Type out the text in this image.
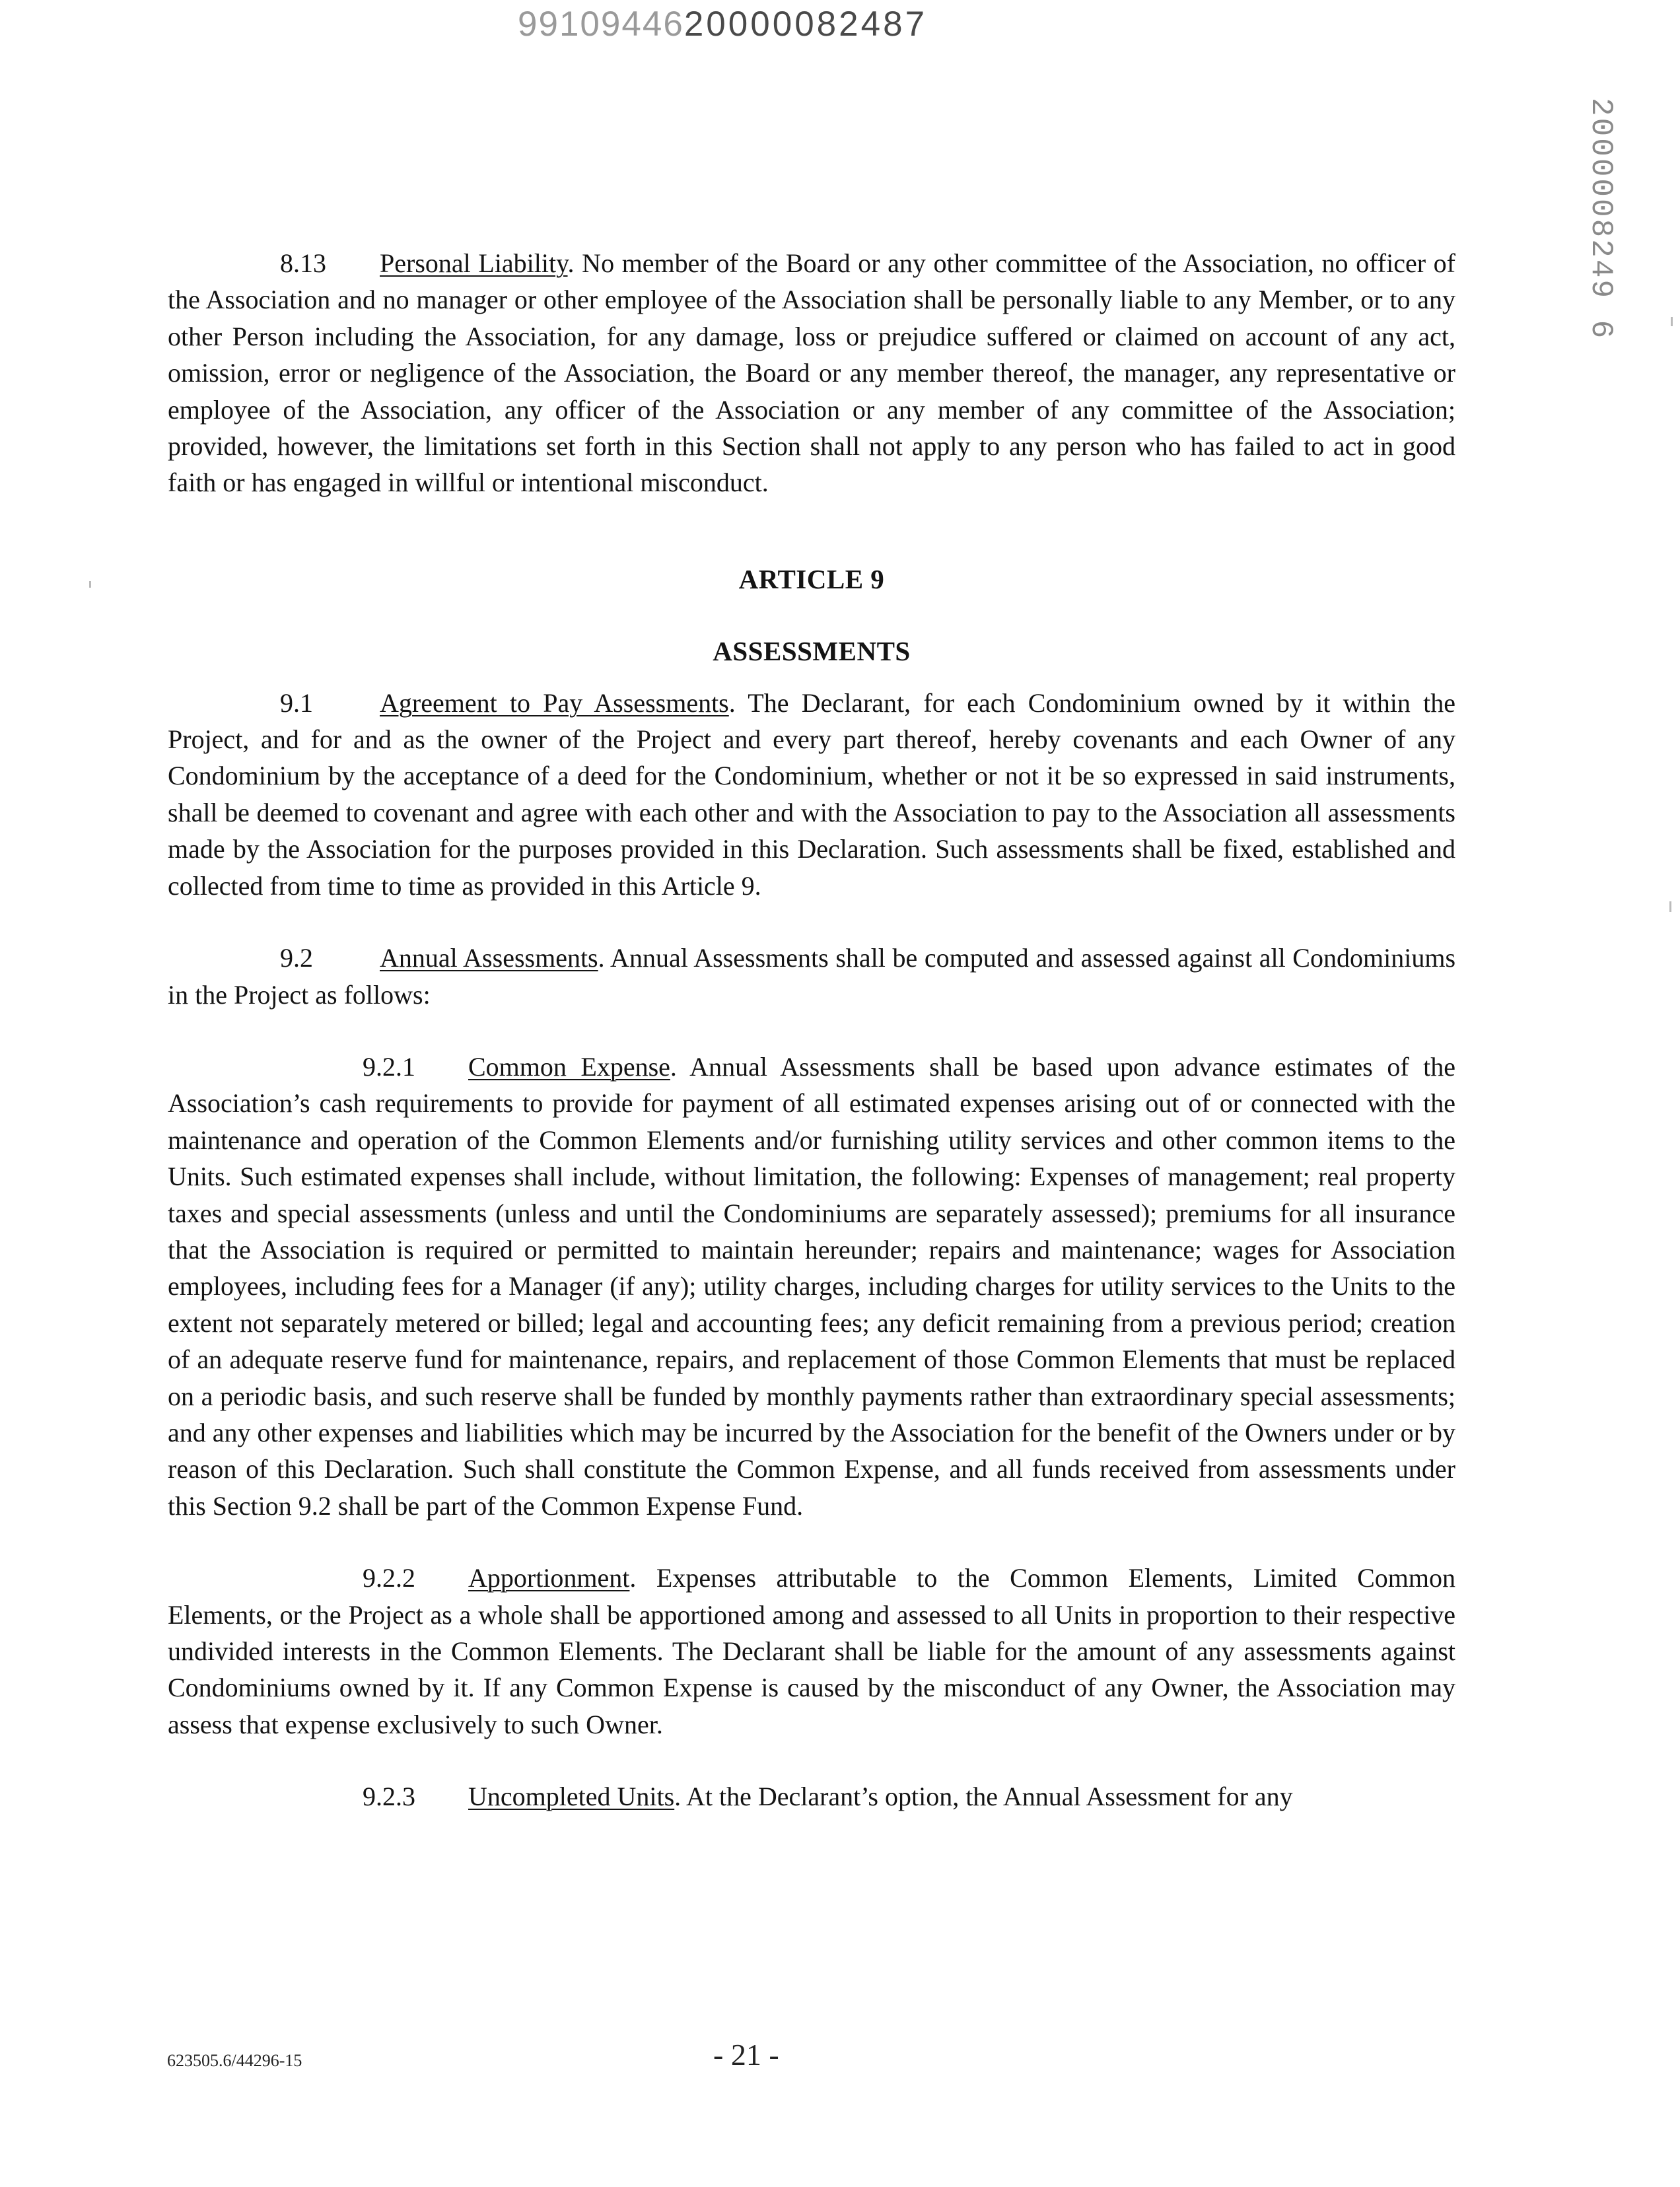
9910944620000082487
2000008249 6

8.13 Personal Liability. No member of the Board or any other committee of the Association, no officer of the Association and no manager or other employee of the Association shall be personally liable to any Member, or to any other Person including the Association, for any damage, loss or prejudice suffered or claimed on account of any act, omission, error or negligence of the Association, the Board or any member thereof, the manager, any representative or employee of the Association, any officer of the Association or any member of any committee of the Association; provided, however, the limitations set forth in this Section shall not apply to any person who has failed to act in good faith or has engaged in willful or intentional misconduct.

ARTICLE 9
ASSESSMENTS

9.1	Agreement to Pay Assessments. The Declarant, for each Condominium owned by it within the Project, and for and as the owner of the Project and every part thereof, hereby covenants and each Owner of any Condominium by the acceptance of a deed for the Condominium, whether or not it be so expressed in said instruments, shall be deemed to covenant and agree with each other and with the Association to pay to the Association all assessments made by the Association for the purposes provided in this Declaration. Such assessments shall be fixed, established and collected from time to time as provided in this Article 9.

9.2	Annual Assessments. Annual Assessments shall be computed and assessed against all Condominiums in the Project as follows:

9.2.1 Common Expense. Annual Assessments shall be based upon advance estimates of the Association’s cash requirements to provide for payment of all estimated expenses arising out of or connected with the maintenance and operation of the Common Elements and/or furnishing utility services and other common items to the Units. Such estimated expenses shall include, without limitation, the following: Expenses of management; real property taxes and special assessments (unless and until the Condominiums are separately assessed); premiums for all insurance that the Association is required or permitted to maintain hereunder; repairs and maintenance; wages for Association employees, including fees for a Manager (if any); utility charges, including charges for utility services to the Units to the extent not separately metered or billed; legal and accounting fees; any deficit remaining from a previous period; creation of an adequate reserve fund for maintenance, repairs, and replacement of those Common Elements that must be replaced on a periodic basis, and such reserve shall be funded by monthly payments rather than extraordinary special assessments; and any other expenses and liabilities which may be incurred by the Association for the benefit of the Owners under or by reason of this Declaration. Such shall constitute the Common Expense, and all funds received from assessments under this Section 9.2 shall be part of the Common Expense Fund.

9.2.2 Apportionment. Expenses attributable to the Common Elements, Limited Common Elements, or the Project as a whole shall be apportioned among and assessed to all Units in proportion to their respective undivided interests in the Common Elements. The Declarant shall be liable for the amount of any assessments against Condominiums owned by it. If any Common Expense is caused by the misconduct of any Owner, the Association may assess that expense exclusively to such Owner.

9.2.3 Uncompleted Units. At the Declarant’s option, the Annual Assessment for any

623505.6/44296-15	- 21 -
